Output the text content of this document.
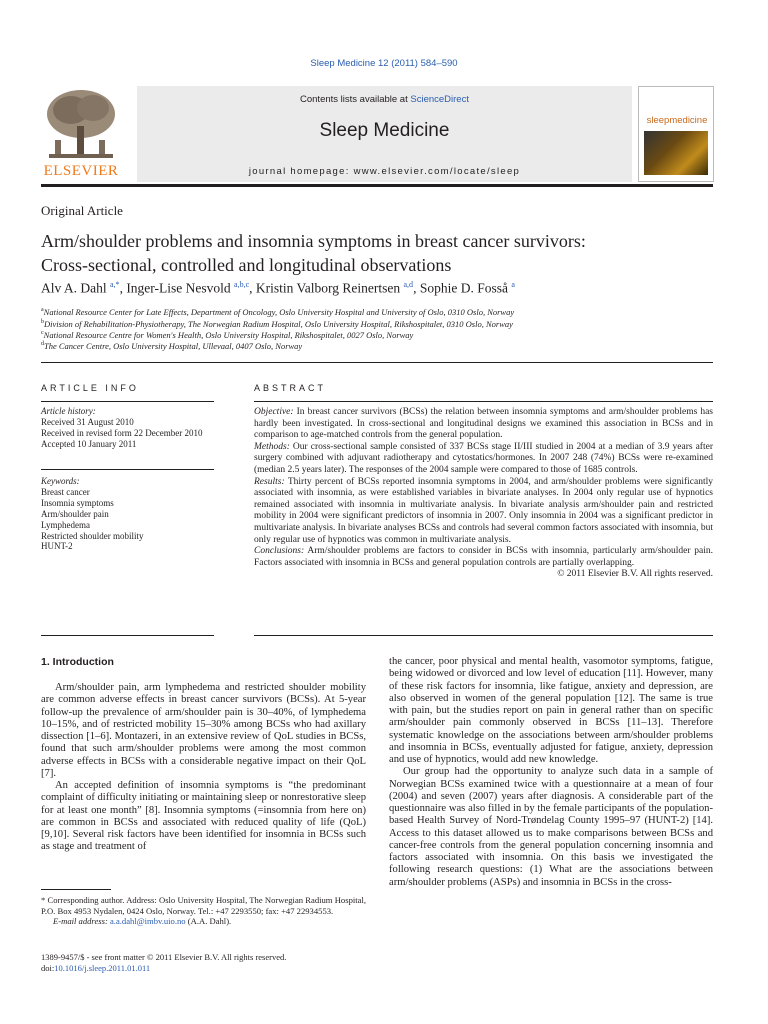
Sleep Medicine 12 (2011) 584–590
ELSEVIER
Contents lists available at ScienceDirect
Sleep Medicine
journal homepage: www.elsevier.com/locate/sleep
sleepmedicine
Original Article
Arm/shoulder problems and insomnia symptoms in breast cancer survivors:
Cross-sectional, controlled and longitudinal observations
Alv A. Dahl $^{a,*}$, Inger-Lise Nesvold $^{a,b,c}$, Kristin Valborg Reinertsen $^{a,d}$, Sophie D. Fosså $^a$
$^a$National Resource Center for Late Effects, Department of Oncology, Oslo University Hospital and University of Oslo, 0310 Oslo, Norway
$^b$Division of Rehabilitation-Physiotherapy, The Norwegian Radium Hospital, Oslo University Hospital, Rikshospitalet, 0310 Oslo, Norway
$^c$National Resource Centre for Women's Health, Oslo University Hospital, Rikshospitalet, 0027 Oslo, Norway
$^d$The Cancer Centre, Oslo University Hospital, Ullevaal, 0407 Oslo, Norway
ARTICLE INFO
Article history:
Received 31 August 2010
Received in revised form 22 December 2010
Accepted 10 January 2011
Keywords:
Breast cancer
Insomnia symptoms
Arm/shoulder pain
Lymphedema
Restricted shoulder mobility
HUNT-2
ABSTRACT

Objective: In breast cancer survivors (BCSs) the relation between insomnia symptoms and arm/shoulder problems has hardly been investigated. In cross-sectional and longitudinal designs we examined this association in BCSs and in comparison to age-matched controls from the general population.

Methods: Our cross-sectional sample consisted of 337 BCSs stage II/III studied in 2004 at a median of 3.9 years after surgery combined with adjuvant radiotherapy and cytostatics/hormones. In 2007 248 (74%) BCSs were re-examined (median 2.5 years later). The responses of the 2004 sample were compared to those of 1685 controls.

Results: Thirty percent of BCSs reported insomnia symptoms in 2004, and arm/shoulder problems were significantly associated with insomnia, as were established variables in bivariate analyses. In 2004 only regular use of hypnotics remained associated with insomnia in multivariate analysis. In bivariate analysis arm/shoulder pain and restricted mobility in 2004 were significant predictors of insomnia in 2007. Only insomnia in 2004 was a significant predictor in multivariate analysis. In bivariate analyses BCSs and controls had several common factors associated with insomnia, but only regular use of hypnotics was common in multivariate analysis.

Conclusions: Arm/shoulder problems are factors to consider in BCSs with insomnia, particularly arm/shoulder pain. Factors associated with insomnia in BCSs and general population controls are partially overlapping.

© 2011 Elsevier B.V. All rights reserved.

1. Introduction

Arm/shoulder pain, arm lymphedema and restricted shoulder mobility are common adverse effects in breast cancer survivors (BCSs). At 5-year follow-up the prevalence of arm/shoulder pain is 30–40%, of lymphedema 10–15%, and of restricted mobility 15–30% among BCSs who had axillary dissection [1–6]. Montazeri, in an extensive review of QoL studies in BCSs, found that such arm/shoulder problems were among the most common adverse effects in BCSs with a considerable negative impact on their QoL [7].

An accepted definition of insomnia symptoms is “the predominant complaint of difficulty initiating or maintaining sleep or nonrestorative sleep for at least one month” [8]. Insomnia symptoms (=insomnia from here on) are common in BCSs and associated with reduced quality of life (QoL) [9,10]. Several risk factors have been identified for insomnia in BCSs such as stage and treatment of

the cancer, poor physical and mental health, vasomotor symptoms, fatigue, being widowed or divorced and low level of education [11]. However, many of these risk factors for insomnia, like fatigue, anxiety and depression, are also observed in women of the general population [12]. The same is true with pain, but the studies report on pain in general rather than on specific arm/shoulder pain commonly observed in BCSs [11–13]. Therefore systematic knowledge on the associations between arm/shoulder problems and insomnia in BCSs, eventually adjusted for fatigue, anxiety, depression and use of hypnotics, would add new knowledge.

Our group had the opportunity to analyze such data in a sample of Norwegian BCSs examined twice with a questionnaire at a mean of four (2004) and seven (2007) years after diagnosis. A considerable part of the questionnaire was also filled in by the female participants of the population-based Health Survey of Nord-Trøndelag County 1995–97 (HUNT-2) [14]. Access to this dataset allowed us to make comparisons between BCSs and cancer-free controls from the general population concerning insomnia and factors associated with insomnia. On this basis we investigated the following research questions: (1) What are the associations between arm/shoulder problems (ASPs) and insomnia in BCSs in the cross-

* Corresponding author. Address: Oslo University Hospital, The Norwegian Radium Hospital, P.O. Box 4953 Nydalen, 0424 Oslo, Norway. Tel.: +47 2293550; fax: +47 22934553.
E-mail address: a.a.dahl@imbv.uio.no (A.A. Dahl).
1389-9457/$ - see front matter © 2011 Elsevier B.V. All rights reserved.
doi:10.1016/j.sleep.2011.01.011
